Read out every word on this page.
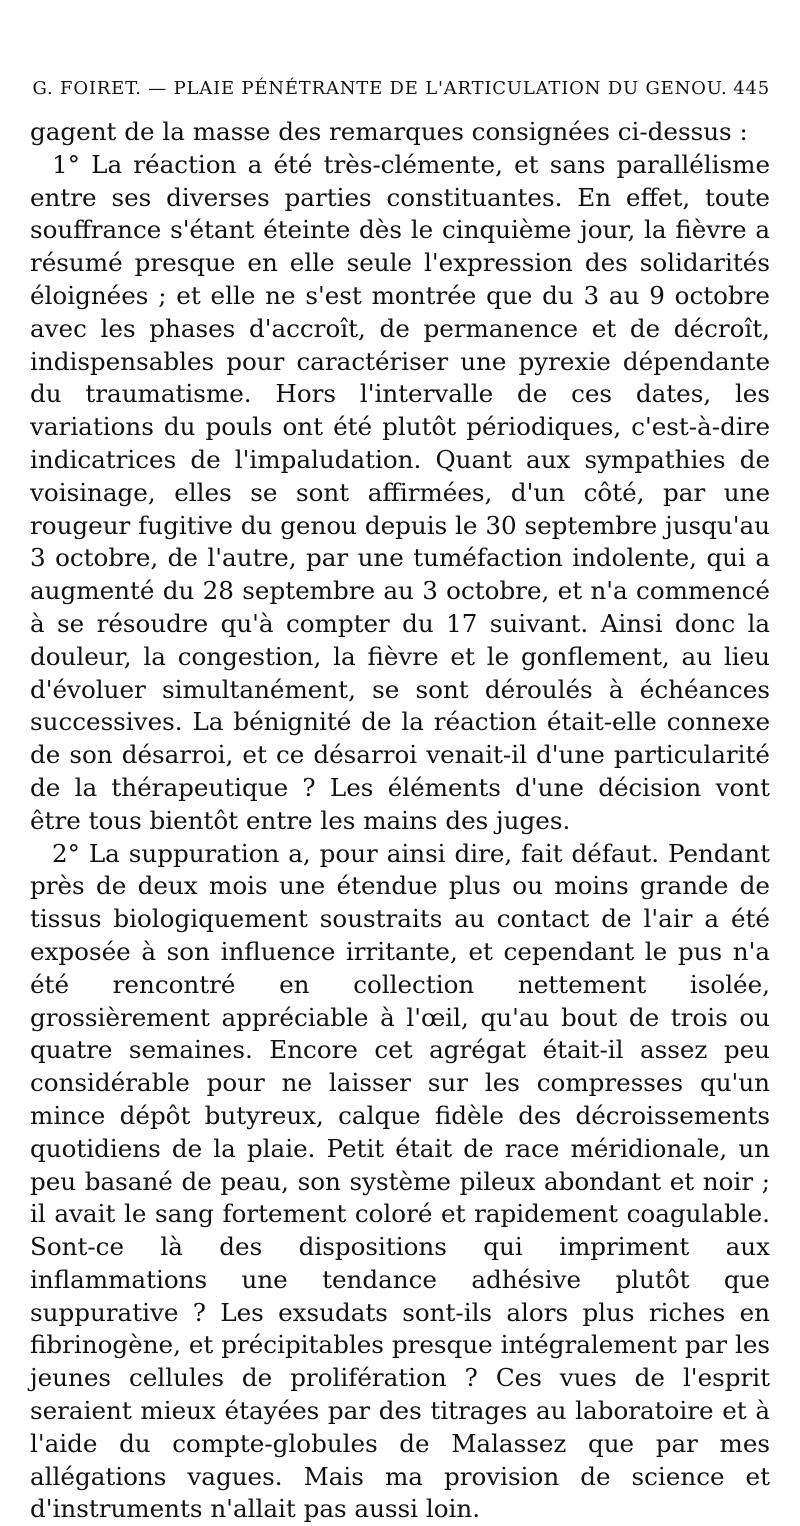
G. FOIRET. — PLAIE PÉNÉTRANTE DE L'ARTICULATION DU GENOU. 445

gagent de la masse des remarques consignées ci-dessus :

1° La réaction a été très-clémente, et sans parallélisme entre ses diverses parties constituantes. En effet, toute souffrance s'étant éteinte dès le cinquième jour, la fièvre a résumé presque en elle seule l'expression des solidarités éloignées ; et elle ne s'est montrée que du 3 au 9 octobre avec les phases d'accroît, de permanence et de décroît, indispensables pour caractériser une pyrexie dépendante du traumatisme. Hors l'intervalle de ces dates, les variations du pouls ont été plutôt périodiques, c'est-à-dire indicatrices de l'impaludation. Quant aux sympathies de voisinage, elles se sont affirmées, d'un côté, par une rougeur fugitive du genou depuis le 30 septembre jusqu'au 3 octobre, de l'autre, par une tuméfaction indolente, qui a augmenté du 28 septembre au 3 octobre, et n'a commencé à se résoudre qu'à compter du 17 suivant. Ainsi donc la douleur, la congestion, la fièvre et le gonflement, au lieu d'évoluer simultanément, se sont déroulés à échéances successives. La bénignité de la réaction était-elle connexe de son désarroi, et ce désarroi venait-il d'une particularité de la thérapeutique ? Les éléments d'une décision vont être tous bientôt entre les mains des juges.

2° La suppuration a, pour ainsi dire, fait défaut. Pendant près de deux mois une étendue plus ou moins grande de tissus biologiquement soustraits au contact de l'air a été exposée à son influence irritante, et cependant le pus n'a été rencontré en collection nettement isolée, grossièrement appréciable à l'œil, qu'au bout de trois ou quatre semaines. Encore cet agrégat était-il assez peu considérable pour ne laisser sur les compresses qu'un mince dépôt butyreux, calque fidèle des décroissements quotidiens de la plaie. Petit était de race méridionale, un peu basané de peau, son système pileux abondant et noir ; il avait le sang fortement coloré et rapidement coagulable. Sont-ce là des dispositions qui impriment aux inflammations une tendance adhésive plutôt que suppurative ? Les exsudats sont-ils alors plus riches en fibrinogène, et précipitables presque intégralement par les jeunes cellules de prolifération ? Ces vues de l'esprit seraient mieux étayées par des titrages au laboratoire et à l'aide du compte-globules de Malassez que par mes allégations vagues. Mais ma provision de science et d'instruments n'allait pas aussi loin.
